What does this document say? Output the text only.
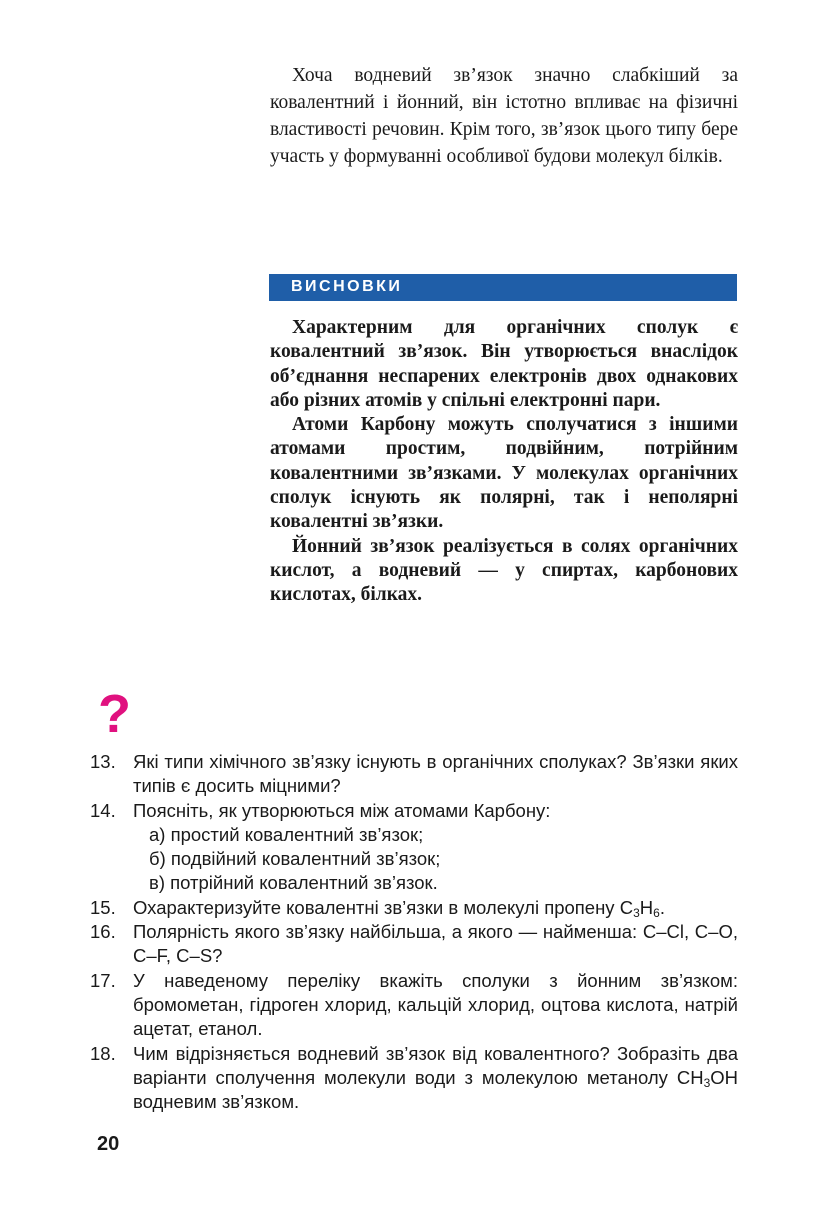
Хоча водневий зв’язок значно слабкіший за ковалентний і йонний, він істотно впливає на фізичні властивості речовин. Крім того, зв’язок цього типу бере участь у формуванні особливої будови молекул білків.

ВИСНОВКИ

Характерним для органічних сполук є ковалентний зв’язок. Він утворюється внаслідок об’єднання неспарених електронів двох однакових або різних атомів у спільні електронні пари.

Атоми Карбону можуть сполучатися з іншими атомами простим, подвійним, потрійним ковалентними зв’язками. У молекулах органічних сполук існують як полярні, так і неполярні ковалентні зв’язки.

Йонний зв’язок реалізується в солях органічних кислот, а водневий — у спиртах, карбонових кислотах, білках.

?
13. Які типи хімічного зв’язку існують в органічних сполуках? Зв’язки яких типів є досить міцними?
14. Поясніть, як утворюються між атомами Карбону:
а) простий ковалентний зв’язок;
б) подвійний ковалентний зв’язок;
в) потрійний ковалентний зв’язок.
15. Охарактеризуйте ковалентні зв’язки в молекулі пропену $C_3H_6$.
16. Полярність якого зв’язку найбільша, а якого — найменша: C–Cl, C–O, C–F, C–S?
17. У наведеному переліку вкажіть сполуки з йонним зв’язком: бромометан, гідроген хлорид, кальцій хлорид, оцтова кислота, натрій ацетат, етанол.
18. Чим відрізняється водневий зв’язок від ковалентного? Зобразіть два варіанти сполучення молекули води з молекулою метанолу $CH_3OH$ водневим зв’язком.
20
